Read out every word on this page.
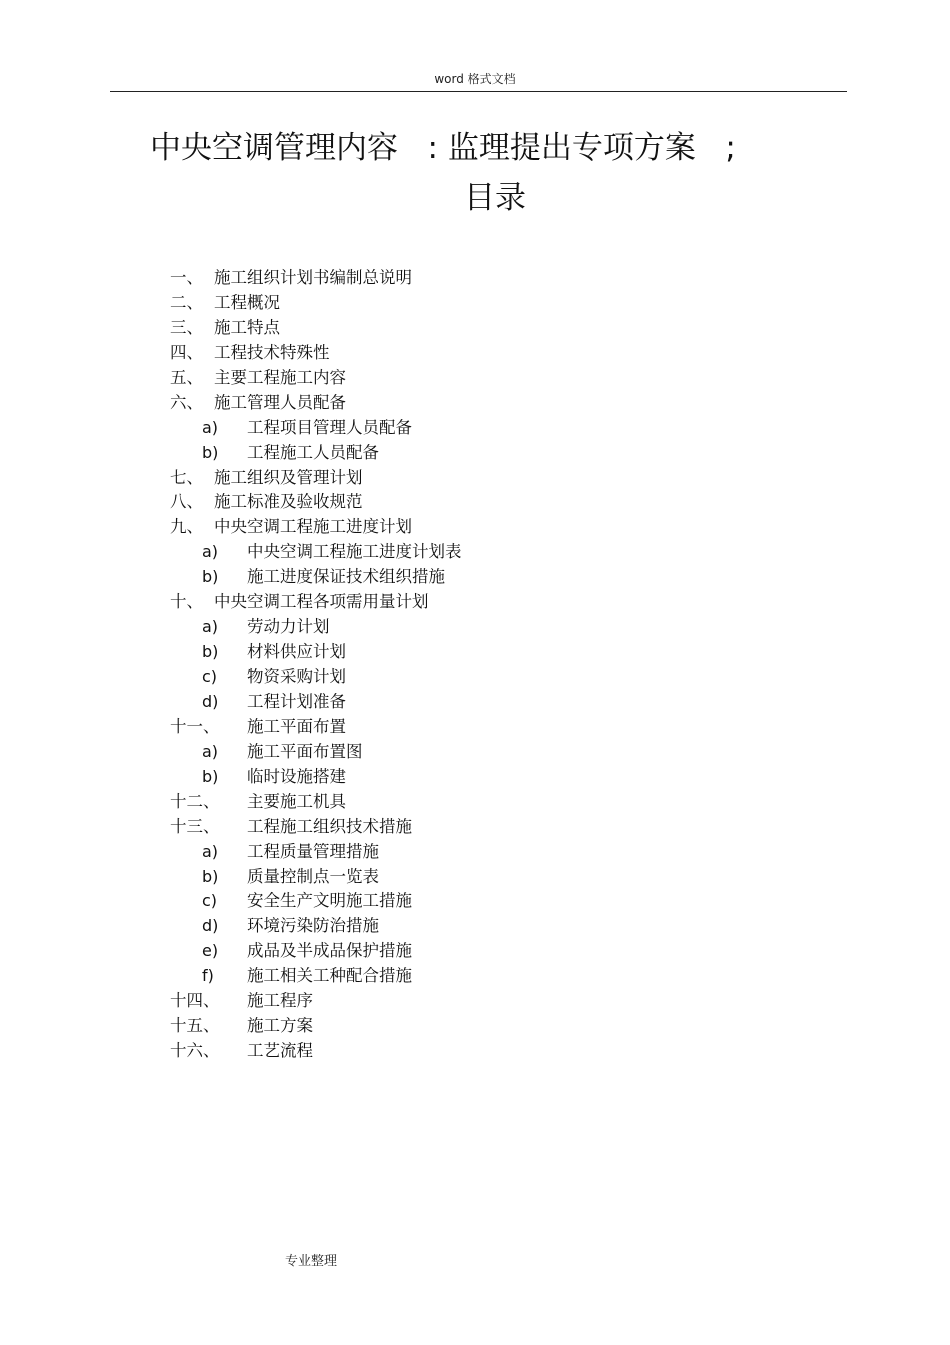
word 格式文档
中央空调管理内容   : 监理提出专项方案   ;
目录
一、 施工组织计划书编制总说明
二、 工程概况
三、 施工特点
四、 工程技术特殊性
五、 主要工程施工内容
六、 施工管理人员配备
a) 工程项目管理人员配备
b) 工程施工人员配备
七、 施工组织及管理计划
八、 施工标准及验收规范
九、 中央空调工程施工进度计划
a) 中央空调工程施工进度计划表
b) 施工进度保证技术组织措施
十、 中央空调工程各项需用量计划
a) 劳动力计划
b) 材料供应计划
c) 物资采购计划
d) 工程计划准备
十一、 施工平面布置
a) 施工平面布置图
b) 临时设施搭建
十二、 主要施工机具
十三、 工程施工组织技术措施
a) 工程质量管理措施
b) 质量控制点一览表
c) 安全生产文明施工措施
d) 环境污染防治措施
e) 成品及半成品保护措施
f) 施工相关工种配合措施
十四、 施工程序
十五、 施工方案
十六、 工艺流程
专业整理
